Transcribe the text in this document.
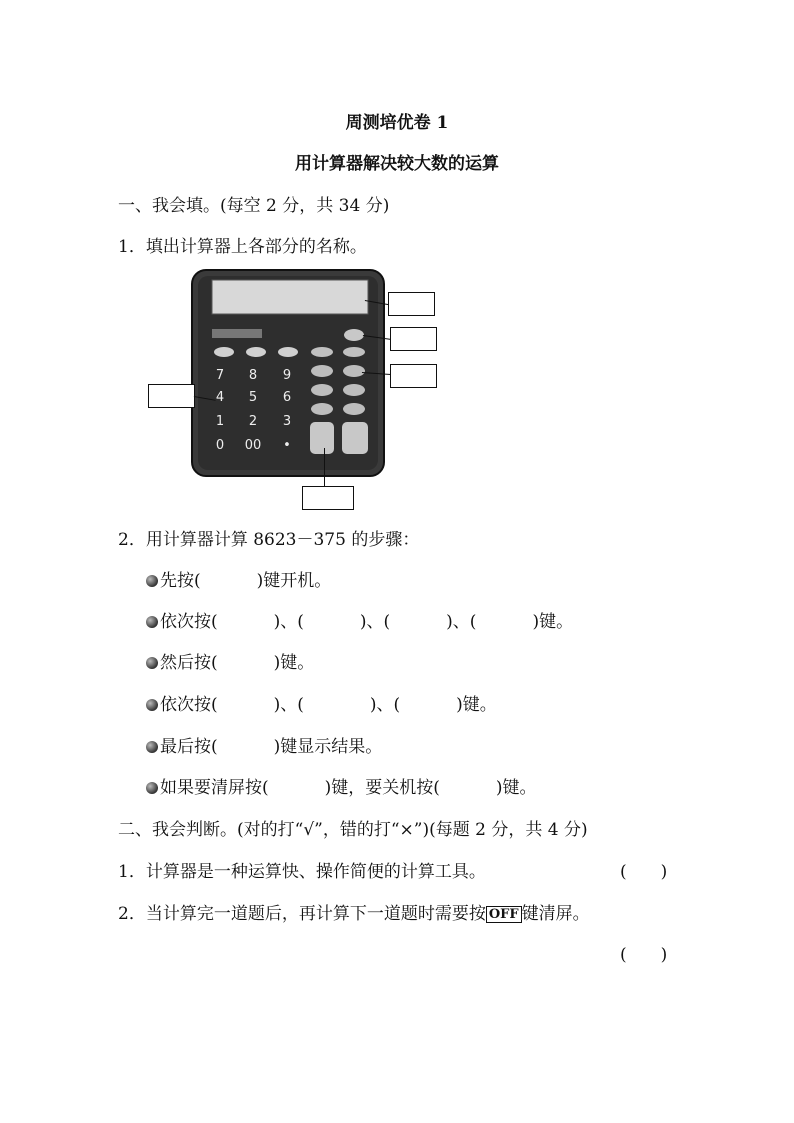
周测培优卷 1
用计算器解决较大数的运算
一、我会填。(每空 2 分，共 34 分)
1．填出计算器上各部分的名称。
7 8 9
4 5 6
1 2 3
0 00 •
2．用计算器计算 8623－375 的步骤：
先按(	)键开机。
依次按(	)、(	)、(	)、(	)键。
然后按(	)键。
依次按(	)、(	)、(	)键。
最后按(	)键显示结果。
如果要清屏按(	)键，要关机按(	)键。
二、我会判断。(对的打“√”，错的打“×”)(每题 2 分，共 4 分)
1．计算器是一种运算快、操作简便的计算工具。	(　　)
2．当计算完一道题后，再计算下一道题时需要按 OFF 键清屏。
(　　)
